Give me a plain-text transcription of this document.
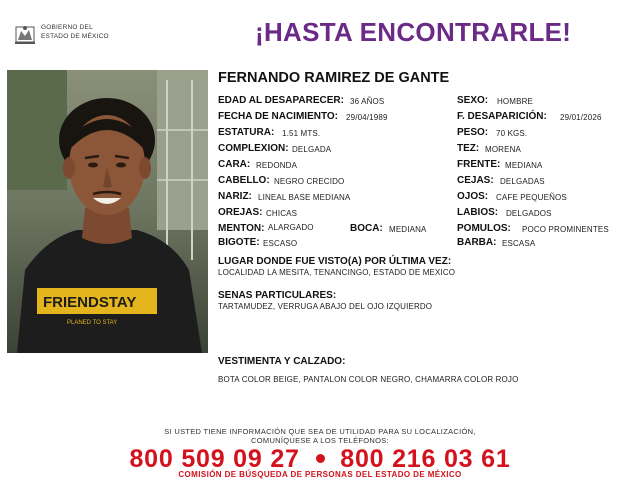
GOBIERNO DEL
ESTADO DE MÉXICO	¡HASTA ENCONTRARLE!
FRIENDSTAY
PLANED TO STAY
FERNANDO RAMIREZ DE GANTE
EDAD AL DESAPARECER: 36 AÑOS
FECHA DE NACIMIENTO: 29/04/1989
ESTATURA: 1.51 MTS.
COMPLEXION: DELGADA
CARA: REDONDA
CABELLO: NEGRO CRECIDO
NARIZ: LINEAL BASE MEDIANA
OREJAS: CHICAS
MENTON: ALARGADO	BOCA: MEDIANA
BIGOTE: ESCASO
SEXO: HOMBRE
F. DESAPARICIÓN: 29/01/2026
PESO: 70 KGS.
TEZ: MORENA
FRENTE: MEDIANA
CEJAS: DELGADAS
OJOS: CAFE PEQUEÑOS
LABIOS: DELGADOS
POMULOS: POCO PROMINENTES
BARBA: ESCASA
LUGAR DONDE FUE VISTO(A) POR ÚLTIMA VEZ:
LOCALIDAD LA MESITA, TENANCINGO, ESTADO DE MEXICO
SENAS PARTICULARES:
TARTAMUDEZ, VERRUGA ABAJO DEL OJO IZQUIERDO
VESTIMENTA Y CALZADO:
BOTA COLOR BEIGE, PANTALON COLOR NEGRO, CHAMARRA COLOR ROJO
SI USTED TIENE INFORMACIÓN QUE SEA DE UTILIDAD PARA SU LOCALIZACIÓN,
COMUNÍQUESE A LOS TELÉFONOS:
800 509 09 27 800 216 03 61
COMISIÓN DE BÚSQUEDA DE PERSONAS DEL ESTADO DE MÉXICO
